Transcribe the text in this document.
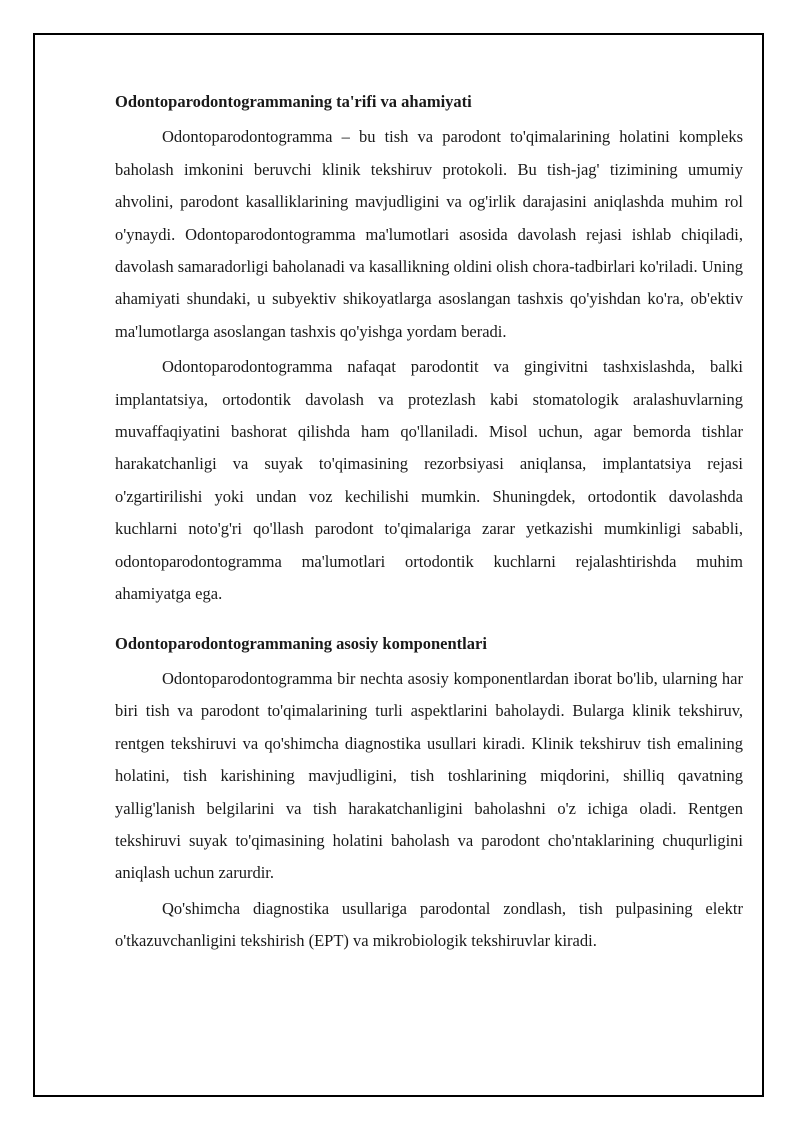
Odontoparodontogrammaning ta'rifi va ahamiyati

Odontoparodontogramma – bu tish va parodont to'qimalarining holatini kompleks baholash imkonini beruvchi klinik tekshiruv protokoli. Bu tish-jag' tizimining umumiy ahvolini, parodont kasalliklarining mavjudligini va og'irlik darajasini aniqlashda muhim rol o'ynaydi. Odontoparodontogramma ma'lumotlari asosida davolash rejasi ishlab chiqiladi, davolash samaradorligi baholanadi va kasallikning oldini olish chora-tadbirlari ko'riladi. Uning ahamiyati shundaki, u subyektiv shikoyatlarga asoslangan tashxis qo'yishdan ko'ra, ob'ektiv ma'lumotlarga asoslangan tashxis qo'yishga yordam beradi.

Odontoparodontogramma nafaqat parodontit va gingivitni tashxislashda, balki implantatsiya, ortodontik davolash va protezlash kabi stomatologik aralashuvlarning muvaffaqiyatini bashorat qilishda ham qo'llaniladi. Misol uchun, agar bemorda tishlar harakatchanligi va suyak to'qimasining rezorbsiyasi aniqlansa, implantatsiya rejasi o'zgartirilishi yoki undan voz kechilishi mumkin. Shuningdek, ortodontik davolashda kuchlarni noto'g'ri qo'llash parodont to'qimalariga zarar yetkazishi mumkinligi sababli, odontoparodontogramma ma'lumotlari ortodontik kuchlarni rejalashtirishda muhim ahamiyatga ega.

Odontoparodontogrammaning asosiy komponentlari

Odontoparodontogramma bir nechta asosiy komponentlardan iborat bo'lib, ularning har biri tish va parodont to'qimalarining turli aspektlarini baholaydi. Bularga klinik tekshiruv, rentgen tekshiruvi va qo'shimcha diagnostika usullari kiradi. Klinik tekshiruv tish emalining holatini, tish karishining mavjudligini, tish toshlarining miqdorini, shilliq qavatning yallig'lanish belgilarini va tish harakatchanligini baholashni o'z ichiga oladi. Rentgen tekshiruvi suyak to'qimasining holatini baholash va parodont cho'ntaklarining chuqurligini aniqlash uchun zarurdir.

Qo'shimcha diagnostika usullariga parodontal zondlash, tish pulpasining elektr o'tkazuvchanligini tekshirish (EPT) va mikrobiologik tekshiruvlar kiradi.
